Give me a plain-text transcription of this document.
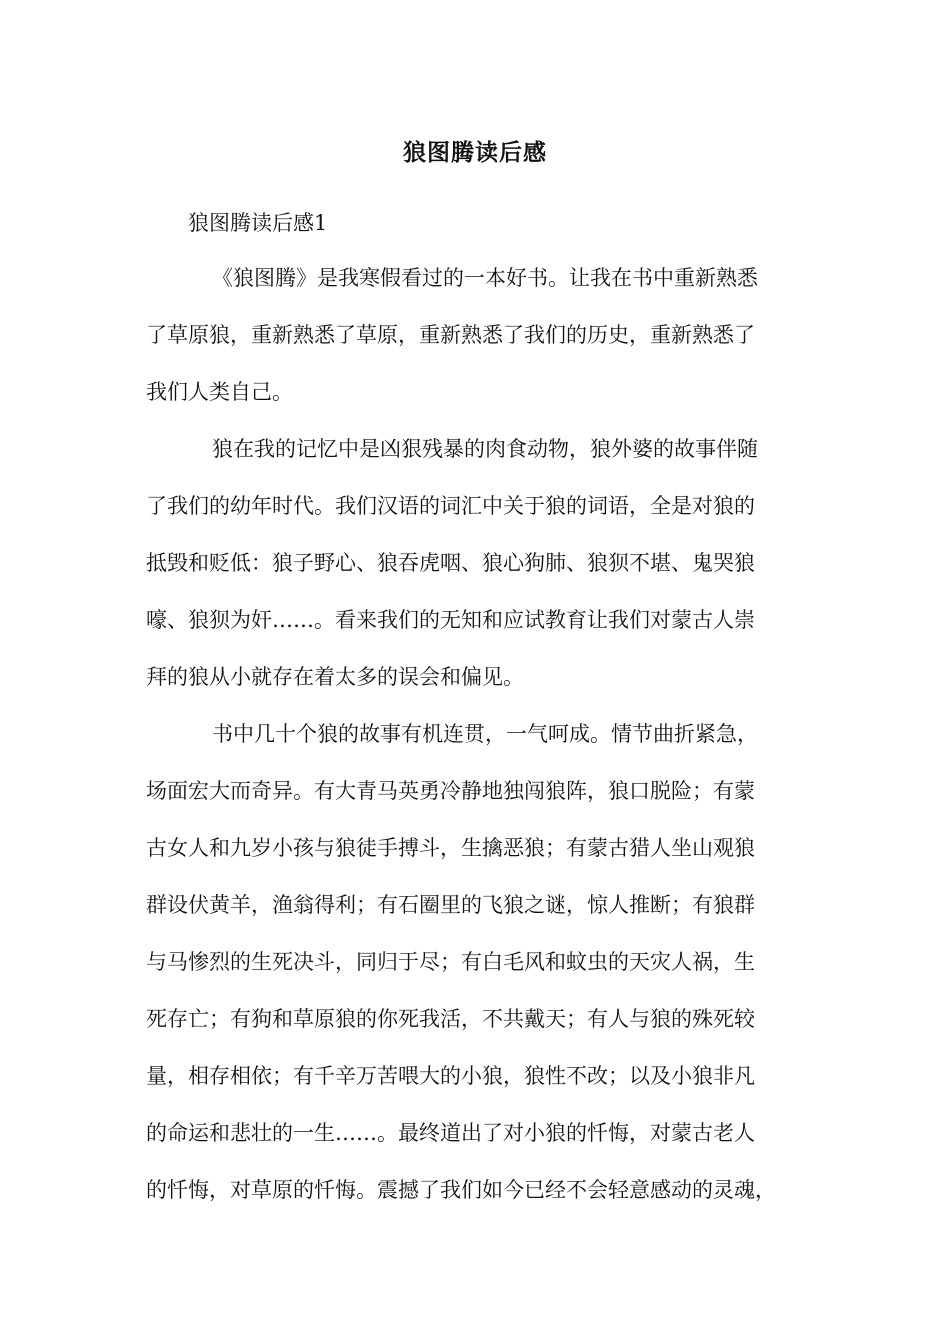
狼图腾读后感
狼图腾读后感1
《狼图腾》是我寒假看过的一本好书。让我在书中重新熟悉
了草原狼，重新熟悉了草原，重新熟悉了我们的历史，重新熟悉了
我们人类自己。
狼在我的记忆中是凶狠残暴的肉食动物，狼外婆的故事伴随
了我们的幼年时代。我们汉语的词汇中关于狼的词语，全是对狼的
抵毁和贬低：狼子野心、狼吞虎咽、狼心狗肺、狼狈不堪、鬼哭狼
嚎、狼狈为奸……。看来我们的无知和应试教育让我们对蒙古人崇
拜的狼从小就存在着太多的误会和偏见。
书中几十个狼的故事有机连贯，一气呵成。情节曲折紧急，
场面宏大而奇异。有大青马英勇冷静地独闯狼阵，狼口脱险；有蒙
古女人和九岁小孩与狼徒手搏斗，生擒恶狼；有蒙古猎人坐山观狼
群设伏黄羊，渔翁得利；有石圈里的飞狼之谜，惊人推断；有狼群
与马惨烈的生死决斗，同归于尽；有白毛风和蚊虫的天灾人祸，生
死存亡；有狗和草原狼的你死我活，不共戴天；有人与狼的殊死较
量，相存相依；有千辛万苦喂大的小狼，狼性不改；以及小狼非凡
的命运和悲壮的一生……。最终道出了对小狼的忏悔，对蒙古老人
的忏悔，对草原的忏悔。震撼了我们如今已经不会轻意感动的灵魂，
